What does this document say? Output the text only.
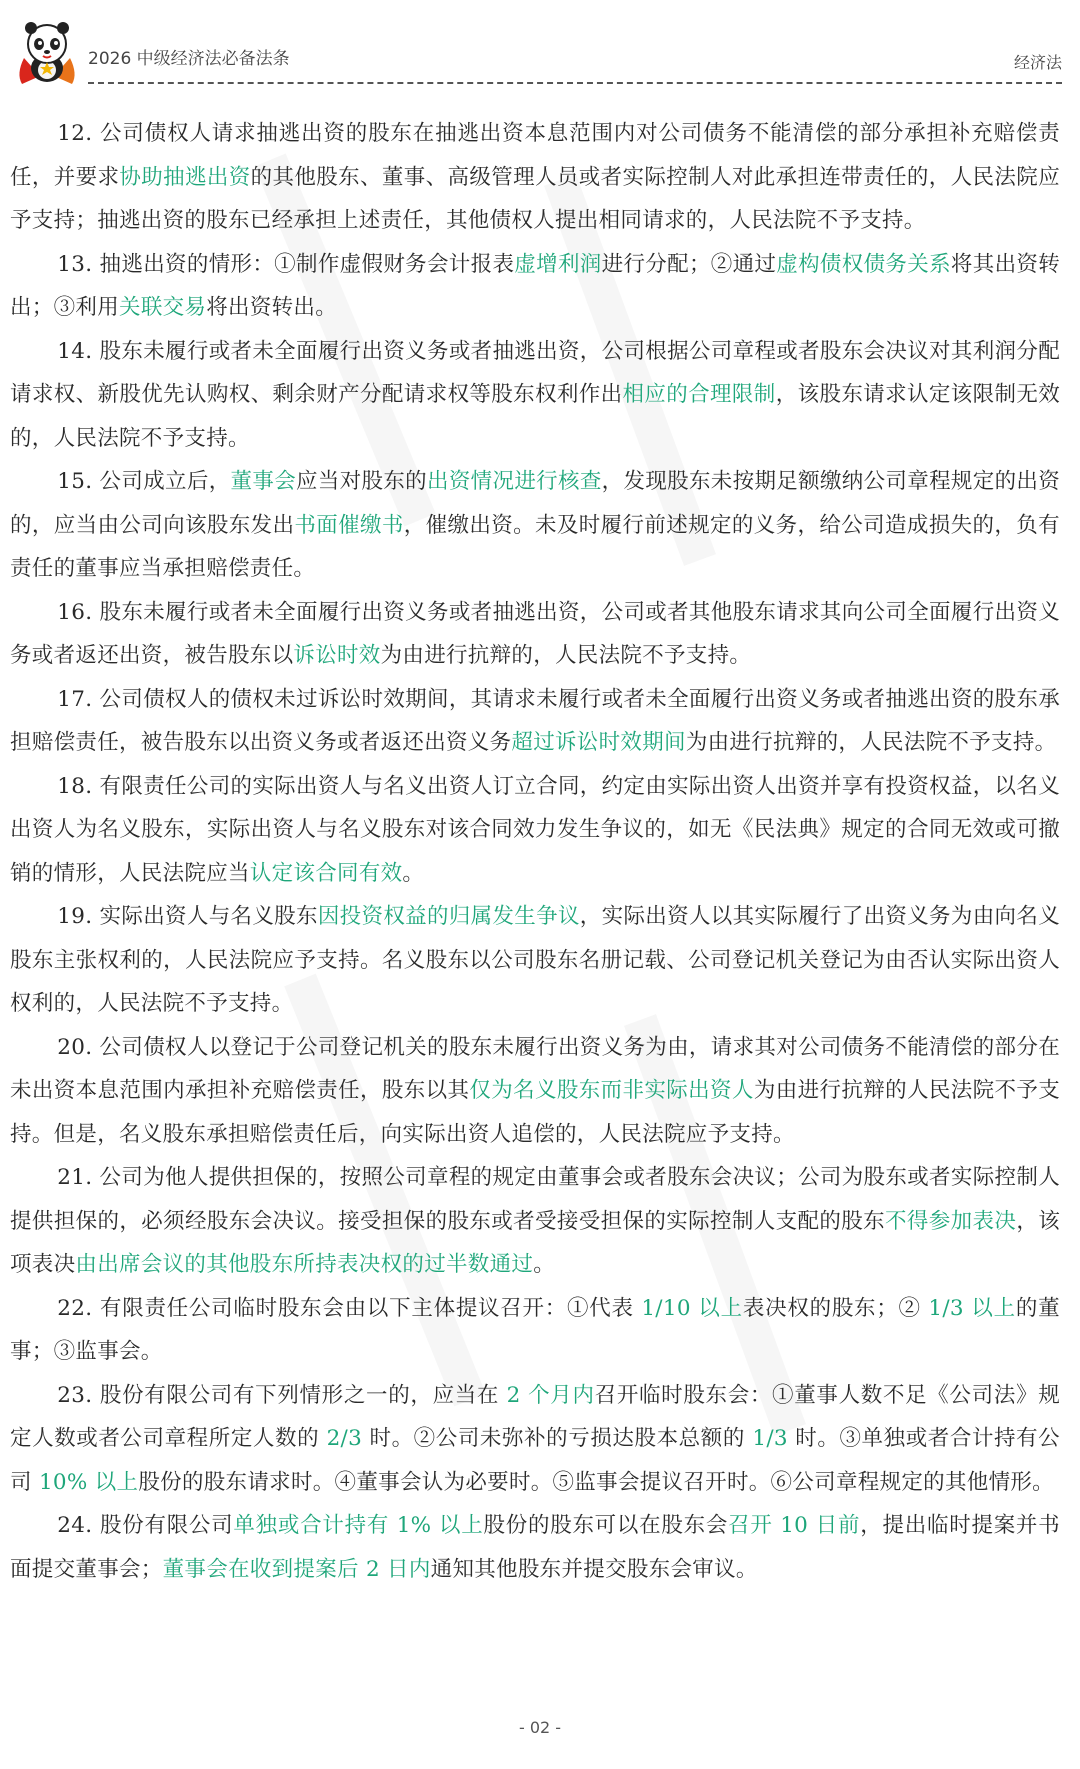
2026 中级经济法必备法条	经济法

12. 公司债权人请求抽逃出资的股东在抽逃出资本息范围内对公司债务不能清偿的部分承担补充赔偿责任，并要求协助抽逃出资的其他股东、董事、高级管理人员或者实际控制人对此承担连带责任的，人民法院应予支持；抽逃出资的股东已经承担上述责任，其他债权人提出相同请求的，人民法院不予支持。

13. 抽逃出资的情形：①制作虚假财务会计报表虚增利润进行分配；②通过虚构债权债务关系将其出资转出；③利用关联交易将出资转出。

14. 股东未履行或者未全面履行出资义务或者抽逃出资，公司根据公司章程或者股东会决议对其利润分配请求权、新股优先认购权、剩余财产分配请求权等股东权利作出相应的合理限制，该股东请求认定该限制无效的，人民法院不予支持。

15. 公司成立后，董事会应当对股东的出资情况进行核查，发现股东未按期足额缴纳公司章程规定的出资的，应当由公司向该股东发出书面催缴书，催缴出资。未及时履行前述规定的义务，给公司造成损失的，负有责任的董事应当承担赔偿责任。

16. 股东未履行或者未全面履行出资义务或者抽逃出资，公司或者其他股东请求其向公司全面履行出资义务或者返还出资，被告股东以诉讼时效为由进行抗辩的，人民法院不予支持。

17. 公司债权人的债权未过诉讼时效期间，其请求未履行或者未全面履行出资义务或者抽逃出资的股东承担赔偿责任，被告股东以出资义务或者返还出资义务超过诉讼时效期间为由进行抗辩的，人民法院不予支持。

18. 有限责任公司的实际出资人与名义出资人订立合同，约定由实际出资人出资并享有投资权益，以名义出资人为名义股东，实际出资人与名义股东对该合同效力发生争议的，如无《民法典》规定的合同无效或可撤销的情形，人民法院应当认定该合同有效。

19. 实际出资人与名义股东因投资权益的归属发生争议，实际出资人以其实际履行了出资义务为由向名义股东主张权利的，人民法院应予支持。名义股东以公司股东名册记载、公司登记机关登记为由否认实际出资人权利的，人民法院不予支持。

20. 公司债权人以登记于公司登记机关的股东未履行出资义务为由，请求其对公司债务不能清偿的部分在未出资本息范围内承担补充赔偿责任，股东以其仅为名义股东而非实际出资人为由进行抗辩的人民法院不予支持。但是，名义股东承担赔偿责任后，向实际出资人追偿的，人民法院应予支持。

21. 公司为他人提供担保的，按照公司章程的规定由董事会或者股东会决议；公司为股东或者实际控制人提供担保的，必须经股东会决议。接受担保的股东或者受接受担保的实际控制人支配的股东不得参加表决，该项表决由出席会议的其他股东所持表决权的过半数通过。

22. 有限责任公司临时股东会由以下主体提议召开：①代表 1/10 以上表决权的股东；② 1/3 以上的董事；③监事会。

23. 股份有限公司有下列情形之一的，应当在 2 个月内召开临时股东会：①董事人数不足《公司法》规定人数或者公司章程所定人数的 2/3 时。②公司未弥补的亏损达股本总额的 1/3 时。③单独或者合计持有公司 10% 以上股份的股东请求时。④董事会认为必要时。⑤监事会提议召开时。⑥公司章程规定的其他情形。

24. 股份有限公司单独或合计持有 1% 以上股份的股东可以在股东会召开 10 日前，提出临时提案并书面提交董事会；董事会在收到提案后 2 日内通知其他股东并提交股东会审议。

- 02 -
